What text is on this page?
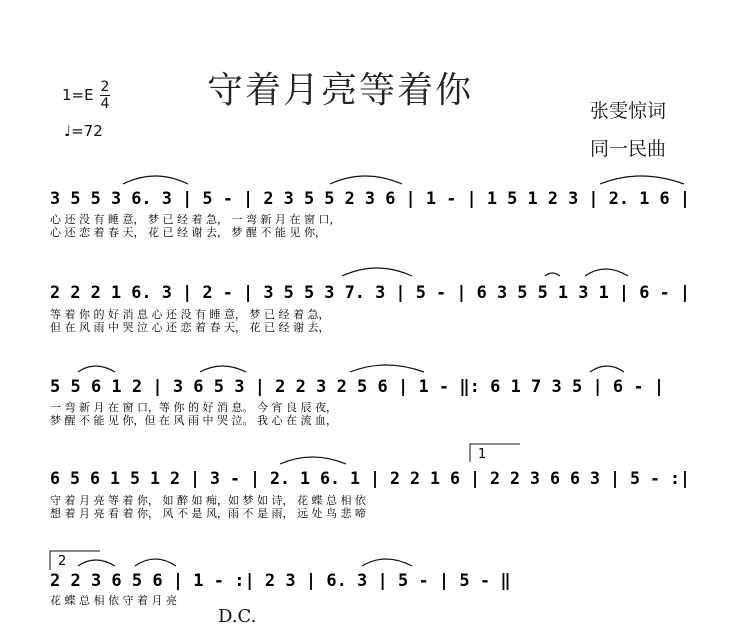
守着月亮等着你
1=E 2
4
♩=72
张雯惊词
同一民曲
3 5 5 3 6. 3 | 5 - | 2 3 5 5 2 3 6 | 1 - | 1 5 1 2 3 | 2. 1 6 |
心 还 没 有 睡 意， 梦 已 经 着 急， 一 弯 新 月 在 窗 口，
心 还 恋 着 春 天， 花 已 经 谢 去， 梦 醒 不 能 见 你，
2 2 2 1 6. 3 | 2 - | 3 5 5 3 7. 3 | 5 - | 6 3 5 5 1 3 1 | 6 - |
等 着 你 的 好 消 息 心 还 没 有 睡 意， 梦 已 经 着 急，
但 在 风 雨 中 哭 泣 心 还 恋 着 春 天， 花 已 经 谢 去，
5 5 6 1 2 | 3 6 5 3 | 2 2 3 2 5 6 | 1 - ‖: 6 1 7 3 5 | 6 - |
一 弯 新 月 在 窗 口，等 你 的 好 消 息。 今 宵 良 辰 夜，
梦 醒 不 能 见 你，但 在 风 雨 中 哭 泣。 我 心 在 流 血，
1
6 5 6 1 5 1 2 | 3 - | 2. 1 6. 1 | 2 2 1 6 | 2 2 3 6 6 3 | 5 - :|
守 着 月 亮 等 着 你， 如 醉 如 痴，如 梦 如 诗， 花 蝶 总 相 依
想 着 月 亮 看 着 你， 风 不 是 风，雨 不 是 雨， 远 处 鸟 悲 啼
2
2 2 3 6 5 6 | 1 - :| 2 3 | 6. 3 | 5 - | 5 - ‖
花 蝶 总 相 依 守 着 月 亮
D.C.
